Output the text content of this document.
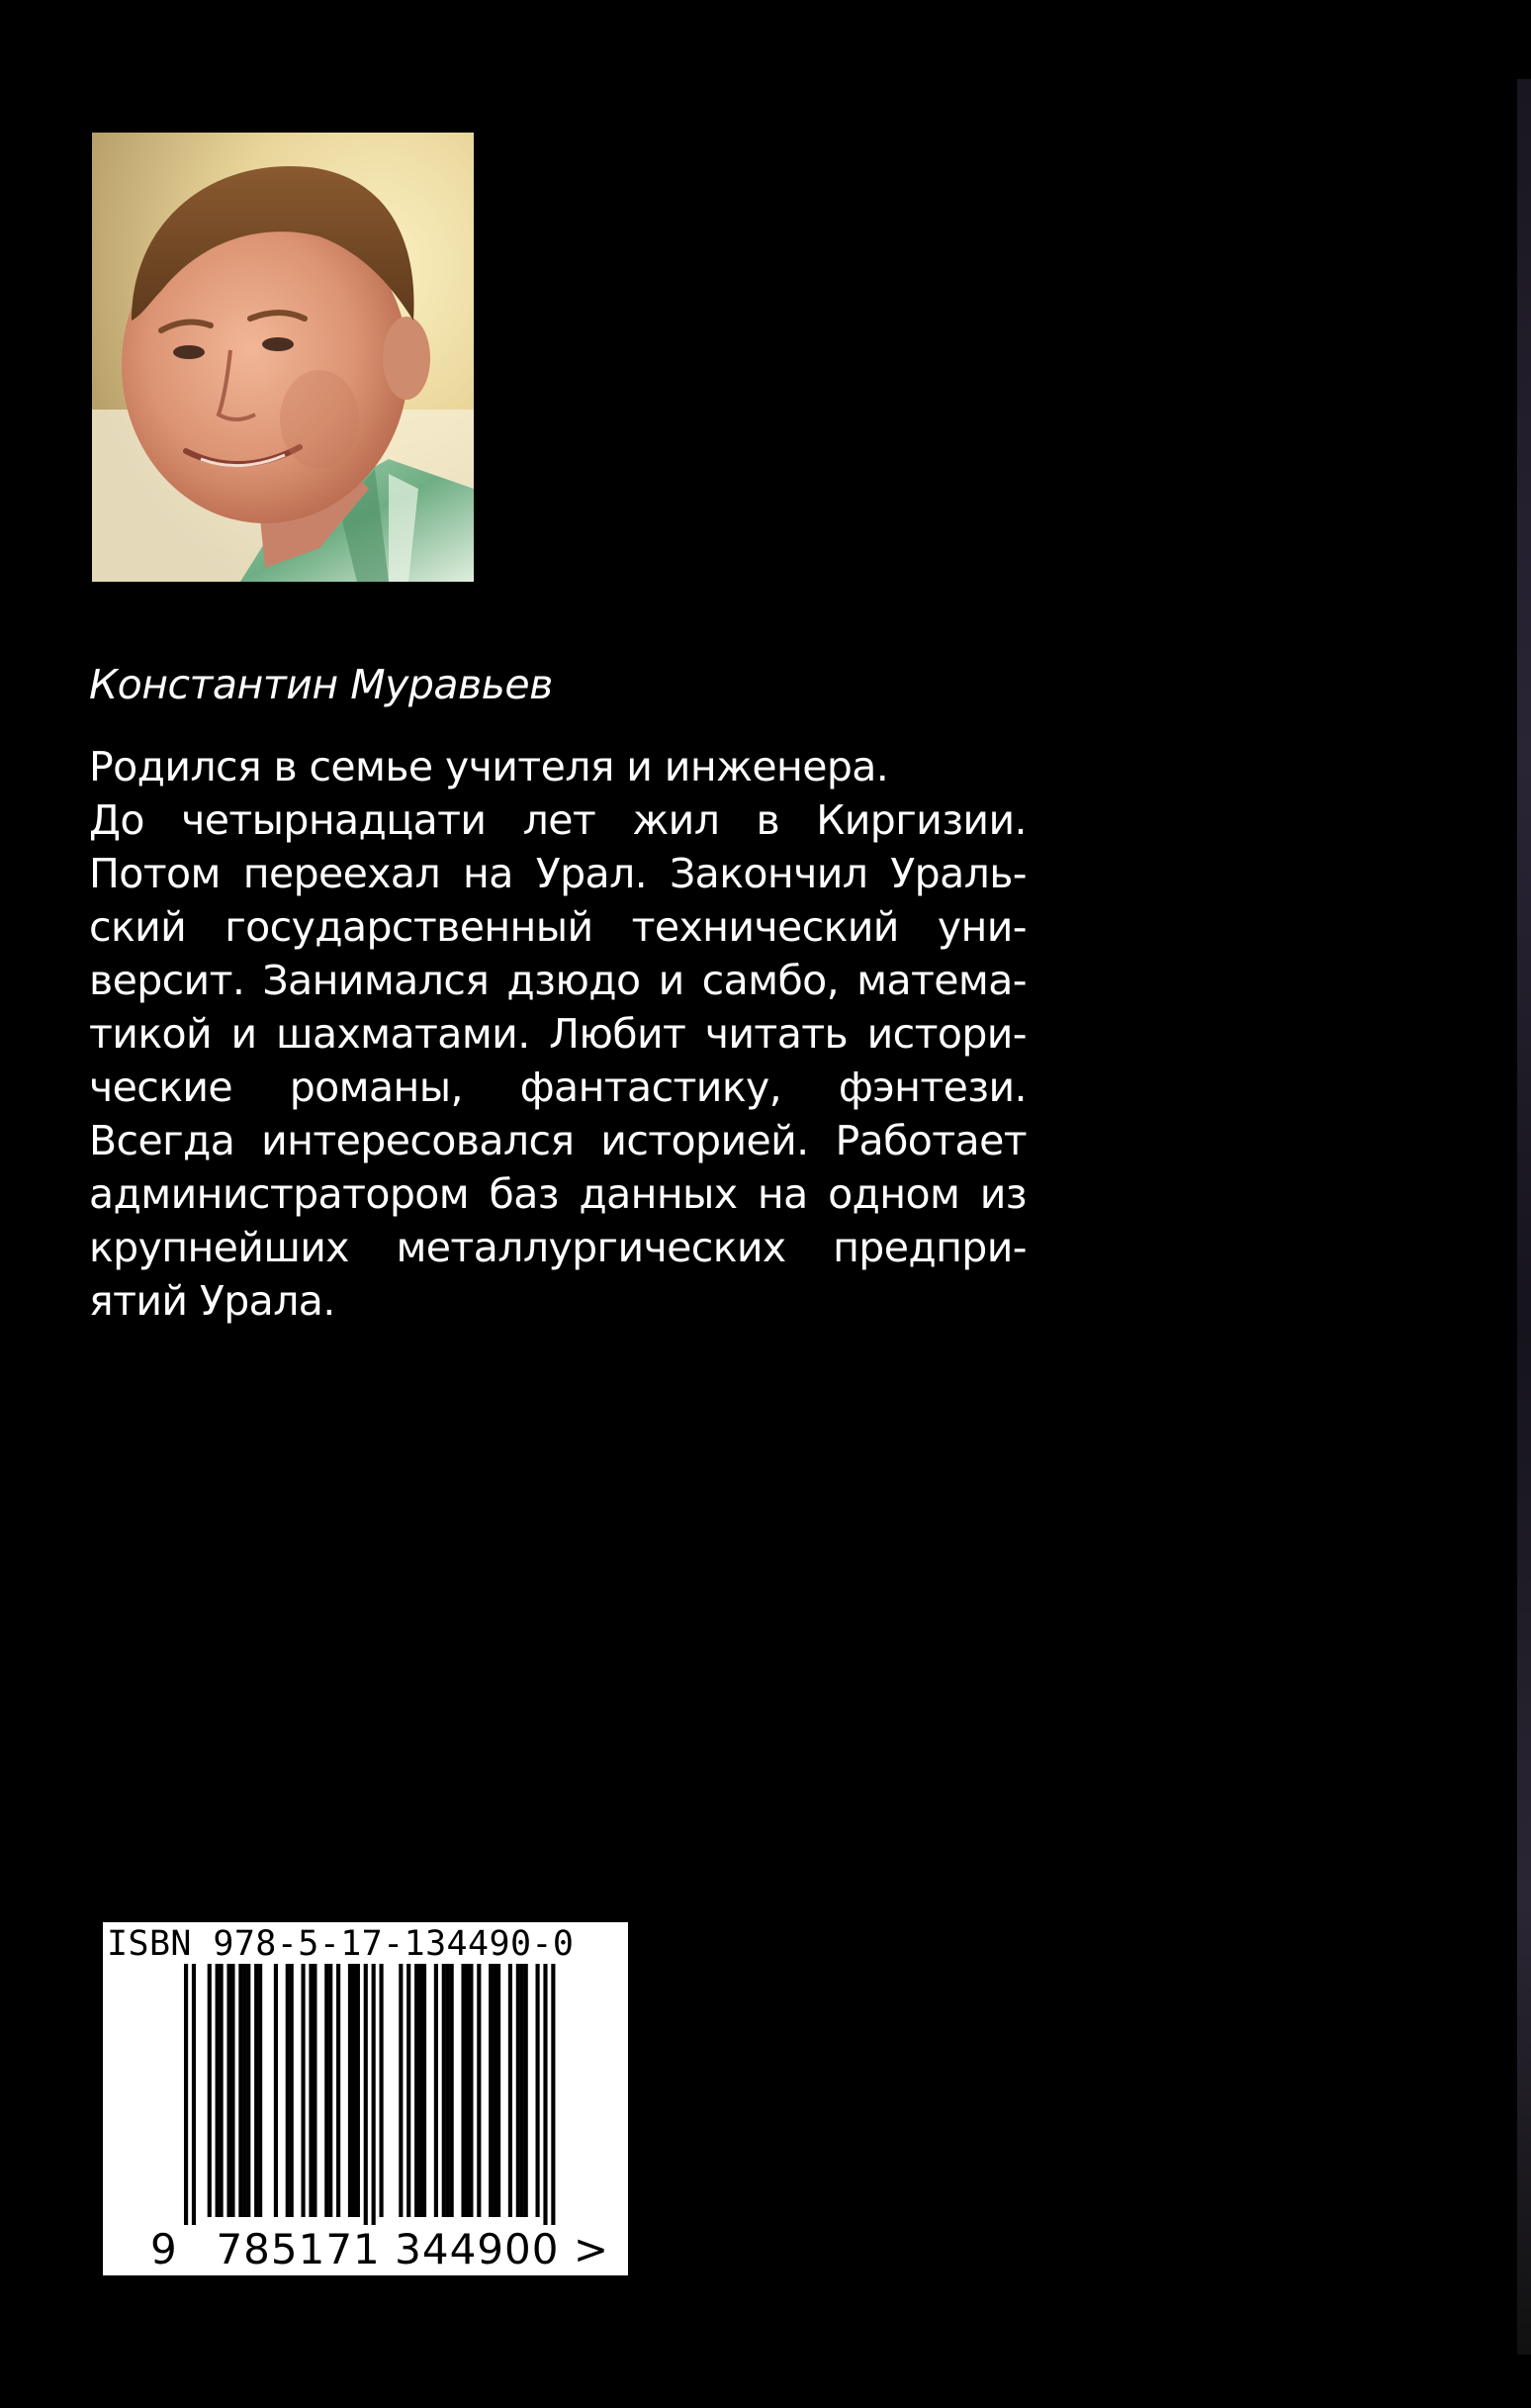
Константин Муравьев
Родился в семье учителя и инженера.
До четырнадцати лет жил в Киргизии.
Потом переехал на Урал. Закончил Ураль-
ский государственный технический уни-
версит. Занимался дзюдо и самбо, матема-
тикой и шахматами. Любит читать истори-
ческие романы, фантастику, фэнтези.
Всегда интересовался историей. Работает
администратором баз данных на одном из
крупнейших металлургических предпри-
ятий Урала.
ISBN 978-5-17-134490-0
9 785171 344900 >
